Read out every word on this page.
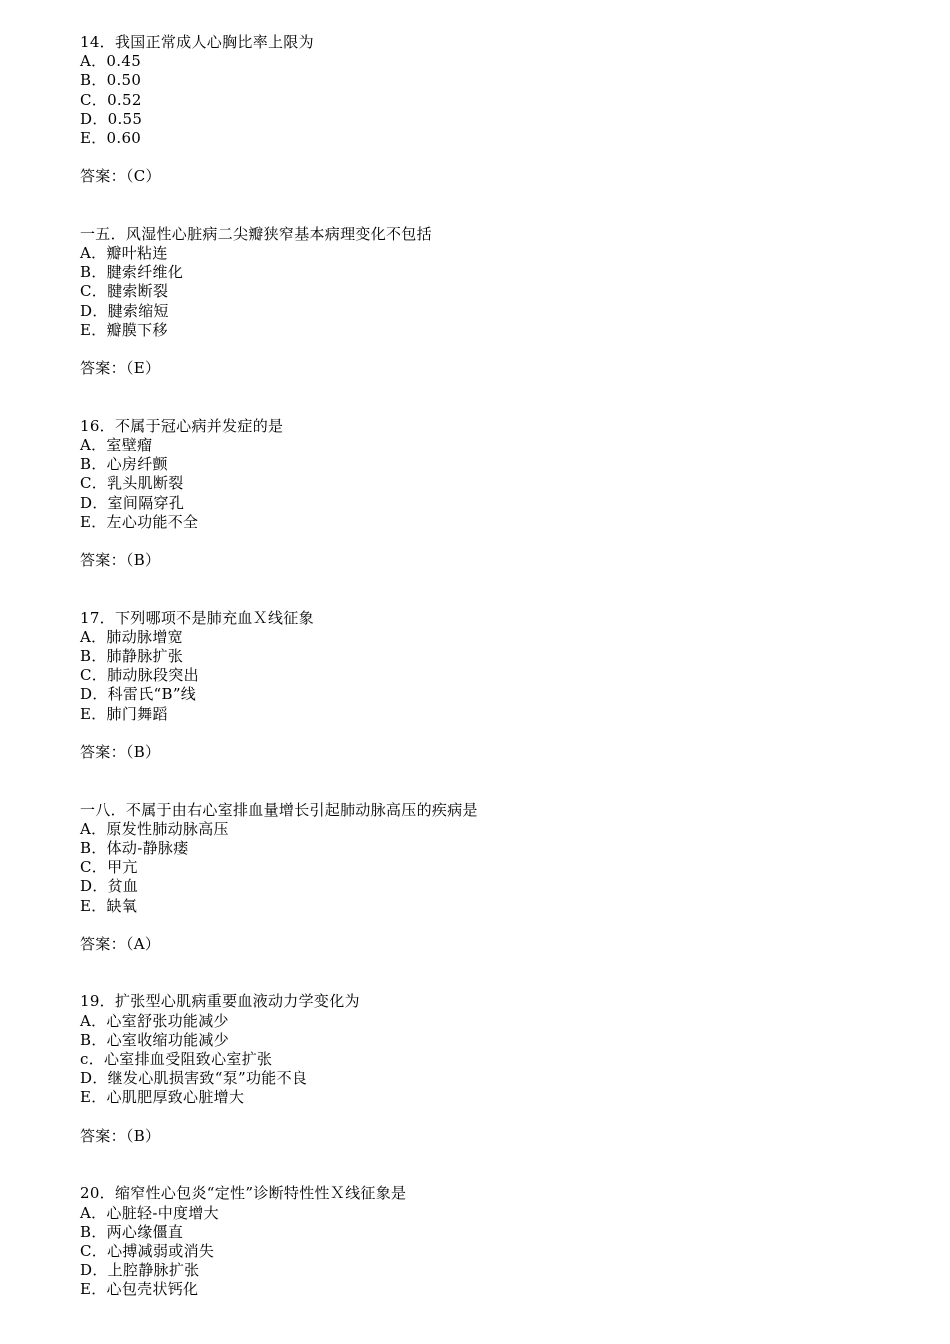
14．我国正常成人心胸比率上限为
A．0.45
B．0.50
C．0.52
D．0.55
E．0.60
答案：（C）
一五．风湿性心脏病二尖瓣狭窄基本病理变化不包括
A．瓣叶粘连
B．腱索纤维化
C．腱索断裂
D．腱索缩短
E．瓣膜下移
答案：（E）
16．不属于冠心病并发症的是
A．室壁瘤
B．心房纤颤
C．乳头肌断裂
D．室间隔穿孔
E．左心功能不全
答案：（B）
17．下列哪项不是肺充血Ｘ线征象
A．肺动脉增宽
B．肺静脉扩张
C．肺动脉段突出
D．科雷氏“B”线
E．肺门舞蹈
答案：（B）
一八．不属于由右心室排血量增长引起肺动脉高压的疾病是
A．原发性肺动脉高压
B．体动-静脉瘘
C．甲亢
D．贫血
E．缺氧
答案：（A）
19．扩张型心肌病重要血液动力学变化为
A．心室舒张功能减少
B．心室收缩功能减少
c．心室排血受阻致心室扩张
D．继发心肌损害致“泵”功能不良
E．心肌肥厚致心脏增大
答案：（B）
20．缩窄性心包炎“定性”诊断特性性Ｘ线征象是
A．心脏轻-中度增大
B．两心缘僵直
C．心搏减弱或消失
D．上腔静脉扩张
E．心包壳状钙化
